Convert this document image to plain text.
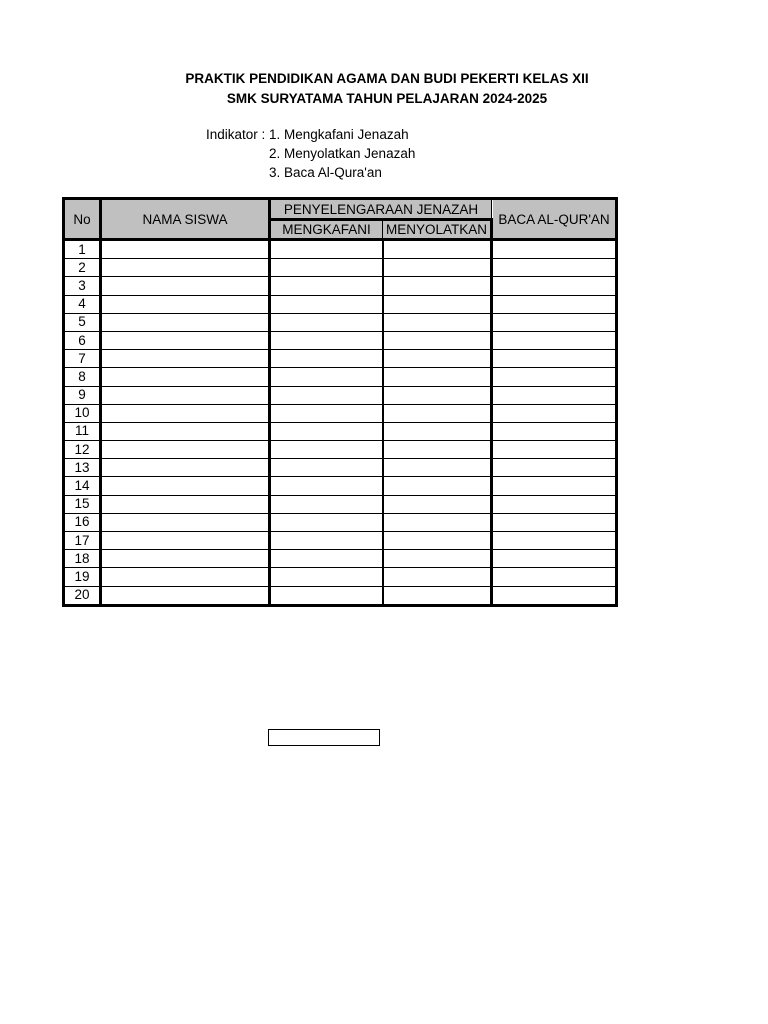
PRAKTIK PENDIDIKAN AGAMA DAN BUDI PEKERTI KELAS XII
SMK SURYATAMA TAHUN PELAJARAN 2024-2025
Indikator : 1. Mengkafani Jenazah
2. Menyolatkan Jenazah
3. Baca Al-Qura'an
No	NAMA SISWA	PENYELENGARAAN JENAZAH		BACA AL-QUR'AN
		MENGKAFANI	MENYOLATKAN	
1				
2				
3				
4				
5				
6				
7				
8				
9				
10				
11				
12				
13				
14				
15				
16				
17				
18				
19				
20				
